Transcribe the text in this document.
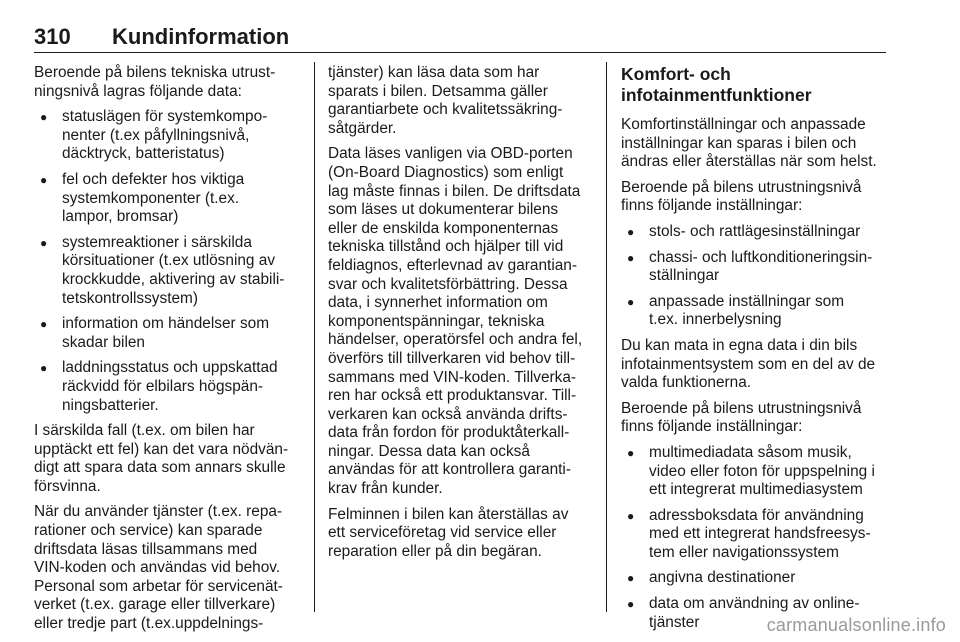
310 Kundinformation

Beroende på bilens tekniska utrust-
ningsnivå lagras följande data:

● statuslägen för systemkompo-
nenter (t.ex påfyllningsnivå,
däcktryck, batteristatus)
● fel och defekter hos viktiga
systemkomponenter (t.ex.
lampor, bromsar)
● systemreaktioner i särskilda
körsituationer (t.ex utlösning av
krockkudde, aktivering av stabili-
tetskontrollssystem)
● information om händelser som
skadar bilen
● laddningsstatus och uppskattad
räckvidd för elbilars högspän-
ningsbatterier.

I särskilda fall (t.ex. om bilen har
upptäckt ett fel) kan det vara nödvän-
digt att spara data som annars skulle
försvinna.

När du använder tjänster (t.ex. repa-
rationer och service) kan sparade
driftsdata läsas tillsammans med
VIN-koden och användas vid behov.
Personal som arbetar för servicenät-
verket (t.ex. garage eller tillverkare)
eller tredje part (t.ex.uppdelnings-

tjänster) kan läsa data som har
sparats i bilen. Detsamma gäller
garantiarbete och kvalitetssäkring-
såtgärder.

Data läses vanligen via OBD-porten
(On-Board Diagnostics) som enligt
lag måste finnas i bilen. De driftsdata
som läses ut dokumenterar bilens
eller de enskilda komponenternas
tekniska tillstånd och hjälper till vid
feldiagnos, efterlevnad av garantian-
svar och kvalitetsförbättring. Dessa
data, i synnerhet information om
komponentspänningar, tekniska
händelser, operatörsfel och andra fel,
överförs till tillverkaren vid behov till-
sammans med VIN-koden. Tillverka-
ren har också ett produktansvar. Till-
verkaren kan också använda drifts-
data från fordon för produktåterkall-
ningar. Dessa data kan också
användas för att kontrollera garanti-
krav från kunder.

Felminnen i bilen kan återställas av
ett serviceföretag vid service eller
reparation eller på din begäran.

Komfort- och
infotainmentfunktioner

Komfortinställningar och anpassade
inställningar kan sparas i bilen och
ändras eller återställas när som helst.

Beroende på bilens utrustningsnivå
finns följande inställningar:

● stols- och rattlägesinställningar
● chassi- och luftkonditioneringsin-
ställningar
● anpassade inställningar som
t.ex. innerbelysning

Du kan mata in egna data i din bils
infotainmentsystem som en del av de
valda funktionerna.

Beroende på bilens utrustningsnivå
finns följande inställningar:

● multimediadata såsom musik,
video eller foton för uppspelning i
ett integrerat multimediasystem
● adressboksdata för användning
med ett integrerat handsfreesys-
tem eller navigationssystem
● angivna destinationer
● data om användning av online-
tjänster	carmanualsonline.info
